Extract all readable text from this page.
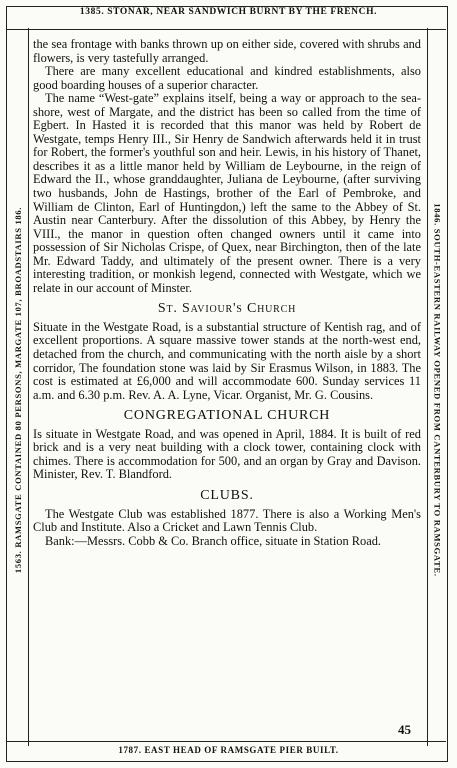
1385. STONAR, NEAR SANDWICH BURNT BY THE FRENCH.
1563. RAMSGATE CONTAINED 80 PERSONS, MARGATE 107, BROADSTAIRS 186.	1846. SOUTH-EASTERN RAILWAY OPENED FROM CANTERBURY TO RAMSGATE.

the sea frontage with banks thrown up on either side, covered with shrubs and flowers, is very tastefully arranged.

There are many excellent educational and kindred establishments, also good boarding houses of a superior character.

The name “West-gate” explains itself, being a way or approach to the sea-shore, west of Margate, and the district has been so called from the time of Egbert. In Hasted it is recorded that this manor was held by Robert de Westgate, temps Henry III., Sir Henry de Sandwich afterwards held it in trust for Robert, the former's youthful son and heir. Lewis, in his history of Thanet, describes it as a little manor held by William de Leybourne, in the reign of Edward the II., whose granddaughter, Juliana de Leybourne, (after surviving two husbands, John de Hastings, brother of the Earl of Pembroke, and William de Clinton, Earl of Huntingdon,) left the same to the Abbey of St. Austin near Canterbury. After the dissolution of this Abbey, by Henry the VIII., the manor in question often changed owners until it came into possession of Sir Nicholas Crispe, of Quex, near Birchington, then of the late Mr. Edward Taddy, and ultimately of the present owner. There is a very interesting tradition, or monkish legend, connected with Westgate, which we relate in our account of Minster.

St. Saviour's Church

Situate in the Westgate Road, is a substantial structure of Kentish rag, and of excellent proportions. A square massive tower stands at the north-west end, detached from the church, and communicating with the north aisle by a short corridor, The foundation stone was laid by Sir Erasmus Wilson, in 1883. The cost is estimated at £6,000 and will accommodate 600. Sunday services 11 a.m. and 6.30 p.m. Rev. A. A. Lyne, Vicar. Organist, Mr. G. Cousins.

CONGREGATIONAL CHURCH

Is situate in Westgate Road, and was opened in April, 1884. It is built of red brick and is a very neat building with a clock tower, containing clock with chimes. There is accommodation for 500, and an organ by Gray and Davison. Minister, Rev. T. Blandford.

CLUBS.

The Westgate Club was established 1877. There is also a Working Men's Club and Institute. Also a Cricket and Lawn Tennis Club.

Bank:—Messrs. Cobb & Co. Branch office, situate in Station Road.

45
1787. EAST HEAD OF RAMSGATE PIER BUILT.
